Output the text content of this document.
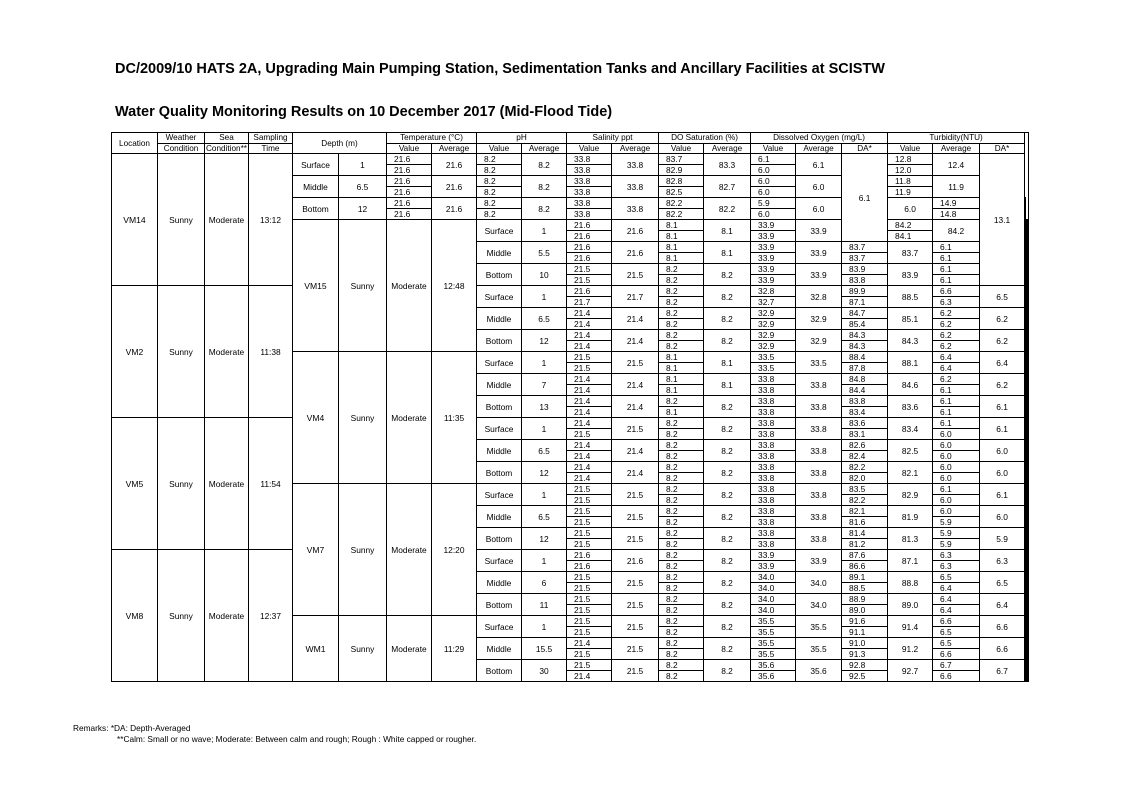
DC/2009/10 HATS 2A, Upgrading Main Pumping Station, Sedimentation Tanks and Ancillary Facilities at SCISTW
Water Quality Monitoring Results on 10 December 2017 (Mid-Flood Tide)
Location	Weather	Sea	Sampling	Depth (m)		Temperature (°C)		pH		Salinity ppt		DO Saturation (%)		Dissolved Oxygen (mg/L)			Turbidity(NTU)				
	Condition	Condition**	Time			Value	Average	Value	Average	Value	Average	Value	Average	Value	Average	DA*	Value	Average	DA*		
VM14	Sunny	Moderate	13:12	Surface	1	21.6	21.6	8.2	8.2	33.8	33.8	83.7	83.3	6.1	6.1	6.1	12.8	12.4	13.1		
						21.6		8.2		33.8		82.9		6.0			12.0				
				Middle	6.5	21.6	21.6	8.2	8.2	33.8	33.8	82.8	82.7	6.0	6.0		11.8	11.9			
						21.6		8.2		33.8		82.5		6.0			11.9				
				Bottom	12	21.6	21.6	8.2	8.2	33.8	33.8	82.2	82.2	5.9	6.0		6.0	14.9	
						21.6		8.2		33.8		82.2		6.0				14.8			
				VM15	Sunny	Moderate	12:48	Surface	1	21.6	21.6	8.1	8.1	33.9	33.9		84.2	84.2						
										21.6		8.1		33.9			84.1		
								Middle	5.5	21.6	21.6	8.1	8.1	33.9	33.9	83.7	83.7	6.1			
										21.6		8.1		33.9		83.7		6.1	
								Bottom	10	21.5	21.5	8.2	8.2	33.9	33.9	83.9	83.9	6.1				
										21.5		8.2		33.9		83.8		6.1	
VM2	Sunny	Moderate	11:38					Surface	1	21.6	21.7	8.2	8.2	32.8	32.8	89.9	88.5	6.6	6.5				
										21.7		8.2		32.7		87.1		6.3	
								Middle	6.5	21.4	21.4	8.2	8.2	32.9	32.9	84.7	85.1	6.2	6.2		
										21.4		8.2		32.9		85.4		6.2	
								Bottom	12	21.4	21.4	8.2	8.2	32.9	32.9	84.3	84.3	6.2	6.2			
										21.4		8.2		32.9		84.3		6.2	
				VM4	Sunny	Moderate	11:35	Surface	1	21.5	21.5	8.1	8.1	33.5	33.5	88.4	88.1	6.4	6.4				
										21.5		8.1		33.5		87.8		6.4	
								Middle	7	21.4	21.4	8.1	8.1	33.8	33.8	84.8	84.6	6.2	6.2		
										21.4		8.1		33.8		84.4		6.1	
								Bottom	13	21.4	21.4	8.2	8.2	33.8	33.8	83.8	83.6	6.1	6.1			
										21.4		8.1		33.8		83.4		6.1	
VM5	Sunny	Moderate	11:54					Surface	1	21.4	21.5	8.2	8.2	33.8	33.8	83.6	83.4	6.1	6.1				
										21.5		8.2		33.8		83.1		6.0	
								Middle	6.5	21.4	21.4	8.2	8.2	33.8	33.8	82.6	82.5	6.0	6.0		
										21.4		8.2		33.8		82.4		6.0	
								Bottom	12	21.4	21.4	8.2	8.2	33.8	33.8	82.2	82.1	6.0	6.0			
										21.4		8.2		33.8		82.0		6.0	
				VM7	Sunny	Moderate	12:20	Surface	1	21.5	21.5	8.2	8.2	33.8	33.8	83.5	82.9	6.1	6.1				
										21.5		8.2		33.8		82.2		6.0	
								Middle	6.5	21.5	21.5	8.2	8.2	33.8	33.8	82.1	81.9	6.0	6.0		
										21.5		8.2		33.8		81.6		5.9	
								Bottom	12	21.5	21.5	8.2	8.2	33.8	33.8	81.4	81.3	5.9	5.9			
										21.5		8.2		33.8		81.2		5.9	
VM8	Sunny	Moderate	12:37					Surface	1	21.6	21.6	8.2	8.2	33.9	33.9	87.6	87.1	6.3	6.3				
										21.6		8.2		33.9		86.6		6.3	
								Middle	6	21.5	21.5	8.2	8.2	34.0	34.0	89.1	88.8	6.5	6.5		
										21.5		8.2		34.0		88.5		6.4	
								Bottom	11	21.5	21.5	8.2	8.2	34.0	34.0	88.9	89.0	6.4	6.4			
										21.5		8.2		34.0		89.0		6.4	
				WM1	Sunny	Moderate	11:29	Surface	1	21.5	21.5	8.2	8.2	35.5	35.5	91.6	91.4	6.6	6.6				
										21.5		8.2		35.5		91.1		6.5	
								Middle	15.5	21.4	21.5	8.2	8.2	35.5	35.5	91.0	91.2	6.5	6.6		
										21.5		8.2		35.5		91.3		6.6	
								Bottom	30	21.5	21.5	8.2	8.2	35.6	35.6	92.8	92.7	6.7	6.7			
										21.4		8.2		35.6		92.5		6.6	
Remarks: *DA: Depth-Averaged
**Calm: Small or no wave; Moderate: Between calm and rough; Rough : White capped or rougher.
